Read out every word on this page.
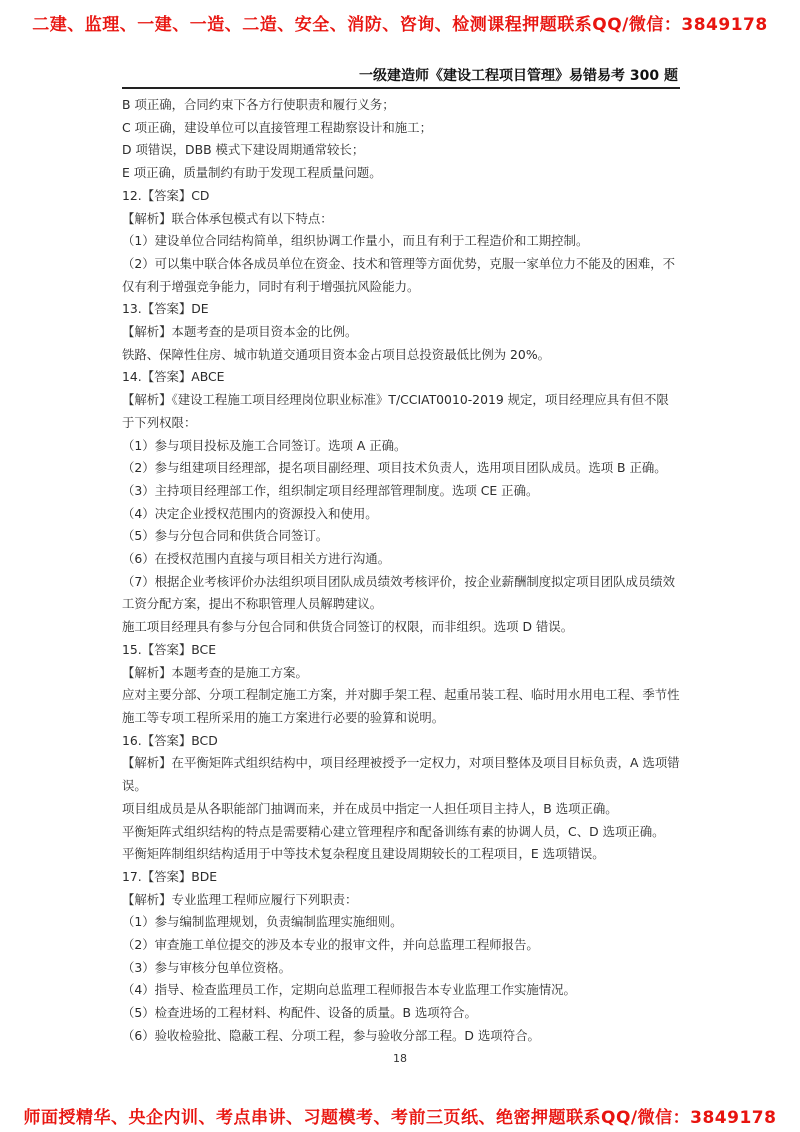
二建、监理、一建、一造、二造、安全、消防、咨询、检测课程押题联系QQ/微信：3849178
一级建造师《建设工程项目管理》易错易考 300 题

B 项正确，合同约束下各方行使职责和履行义务；

C 项正确，建设单位可以直接管理工程勘察设计和施工；

D 项错误，DBB 模式下建设周期通常较长；

E 项正确，质量制约有助于发现工程质量问题。

12.【答案】CD

【解析】联合体承包模式有以下特点：

（1）建设单位合同结构简单，组织协调工作量小，而且有利于工程造价和工期控制。

（2）可以集中联合体各成员单位在资金、技术和管理等方面优势，克服一家单位力不能及的困难，不仅有利于增强竞争能力，同时有利于增强抗风险能力。

13.【答案】DE

【解析】本题考查的是项目资本金的比例。

铁路、保障性住房、城市轨道交通项目资本金占项目总投资最低比例为 20%。

14.【答案】ABCE

【解析】《建设工程施工项目经理岗位职业标准》T/CCIAT0010-2019 规定，项目经理应具有但不限于下列权限：

（1）参与项目投标及施工合同签订。选项 A 正确。

（2）参与组建项目经理部，提名项目副经理、项目技术负责人，选用项目团队成员。选项 B 正确。

（3）主持项目经理部工作，组织制定项目经理部管理制度。选项 CE 正确。

（4）决定企业授权范围内的资源投入和使用。

（5）参与分包合同和供货合同签订。

（6）在授权范围内直接与项目相关方进行沟通。

（7）根据企业考核评价办法组织项目团队成员绩效考核评价，按企业薪酬制度拟定项目团队成员绩效工资分配方案，提出不称职管理人员解聘建议。

施工项目经理具有参与分包合同和供货合同签订的权限，而非组织。选项 D 错误。

15.【答案】BCE

【解析】本题考查的是施工方案。

应对主要分部、分项工程制定施工方案，并对脚手架工程、起重吊装工程、临时用水用电工程、季节性施工等专项工程所采用的施工方案进行必要的验算和说明。

16.【答案】BCD

【解析】在平衡矩阵式组织结构中，项目经理被授予一定权力，对项目整体及项目目标负责，A 选项错误。

项目组成员是从各职能部门抽调而来，并在成员中指定一人担任项目主持人，B 选项正确。

平衡矩阵式组织结构的特点是需要精心建立管理程序和配备训练有素的协调人员，C、D 选项正确。

平衡矩阵制组织结构适用于中等技术复杂程度且建设周期较长的工程项目，E 选项错误。

17.【答案】BDE

【解析】专业监理工程师应履行下列职责：

（1）参与编制监理规划，负责编制监理实施细则。

（2）审查施工单位提交的涉及本专业的报审文件，并向总监理工程师报告。

（3）参与审核分包单位资格。

（4）指导、检查监理员工作，定期向总监理工程师报告本专业监理工作实施情况。

（5）检查进场的工程材料、构配件、设备的质量。B 选项符合。

（6）验收检验批、隐蔽工程、分项工程，参与验收分部工程。D 选项符合。

18
师面授精华、央企内训、考点串讲、习题模考、考前三页纸、绝密押题联系QQ/微信：3849178
